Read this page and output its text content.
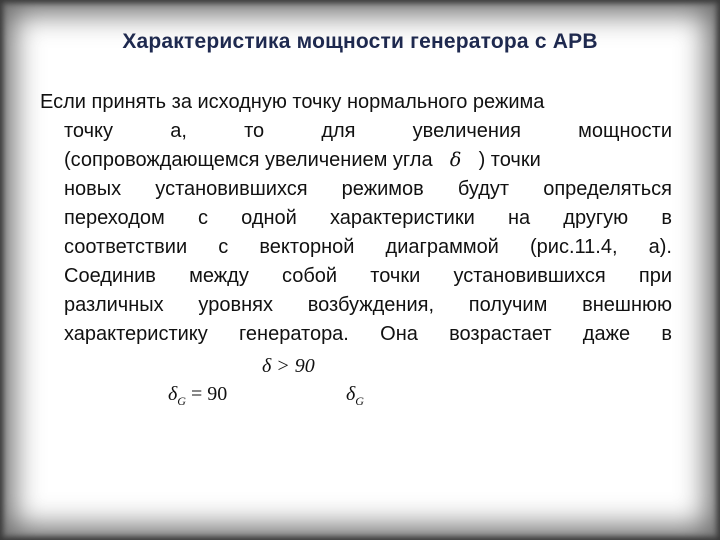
Характеристика мощности генератора с АРВ
Если принять за исходную точку нормального режима
точку а, то для увеличения мощности
(сопровождающемся увеличением угла δ ) точки
новых установившихся режимов будут определяться
переходом с одной характеристики на другую в
соответствии с векторной диаграммой (рис.11.4, а).
Соединив между собой точки установившихся при
различных уровнях возбуждения, получим внешнюю
характеристику генератора. Она возрастает даже в
δ > 90
$\delta_G = 90$	$\delta_G$
